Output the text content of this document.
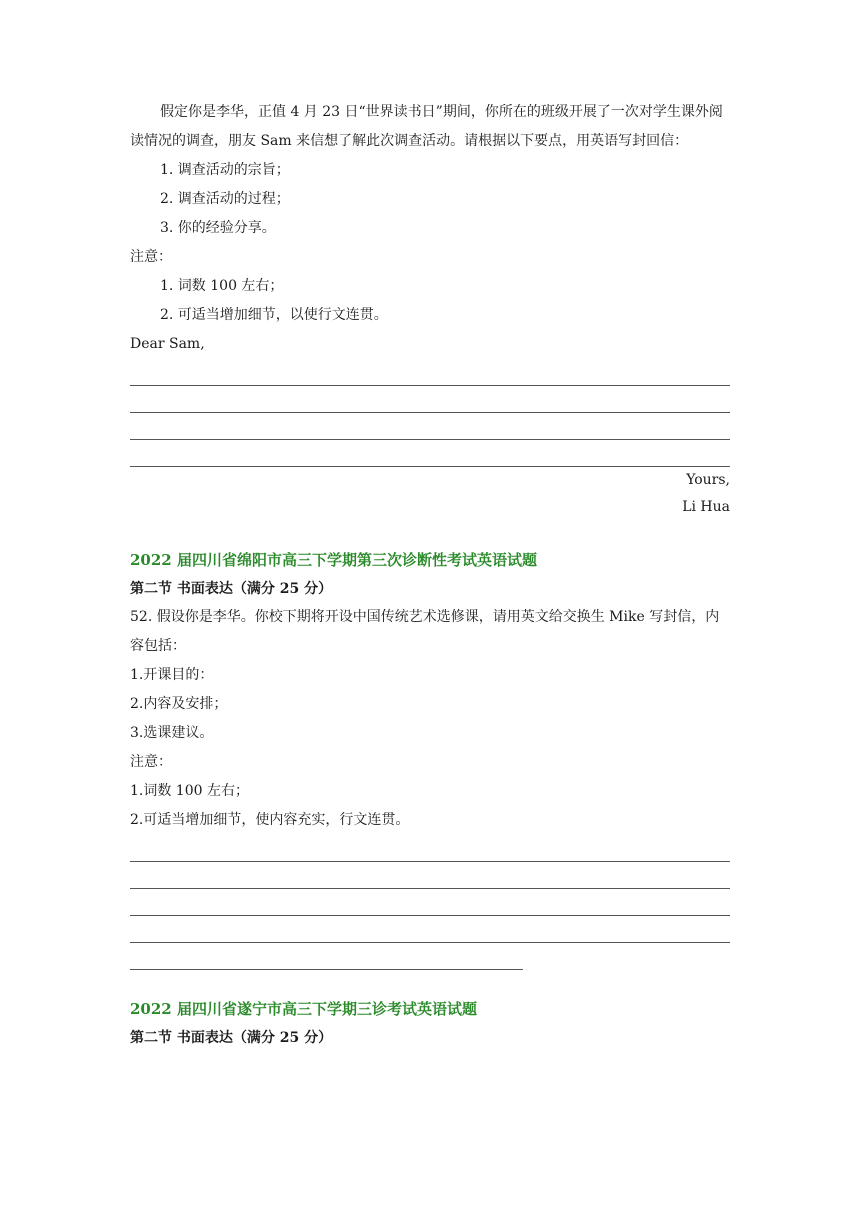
假定你是李华，正值 4 月 23 日“世界读书日”期间，你所在的班级开展了一次对学生课外阅读情况的调查，朋友 Sam 来信想了解此次调查活动。请根据以下要点，用英语写封回信：

1. 调查活动的宗旨；
2. 调查活动的过程；
3. 你的经验分享。
注意：
1. 词数 100 左右；
2. 可适当增加细节，以使行文连贯。
Dear Sam,
Yours,
Li Hua
2022 届四川省绵阳市高三下学期第三次诊断性考试英语试题
第二节 书面表达（满分 25 分）

52. 假设你是李华。你校下期将开设中国传统艺术选修课，请用英文给交换生 Mike 写封信，内容包括：

1.开课目的：
2.内容及安排；
3.选课建议。
注意：
1.词数 100 左右；
2.可适当增加细节，使内容充实，行文连贯。
2022 届四川省遂宁市高三下学期三诊考试英语试题
第二节 书面表达（满分 25 分）
